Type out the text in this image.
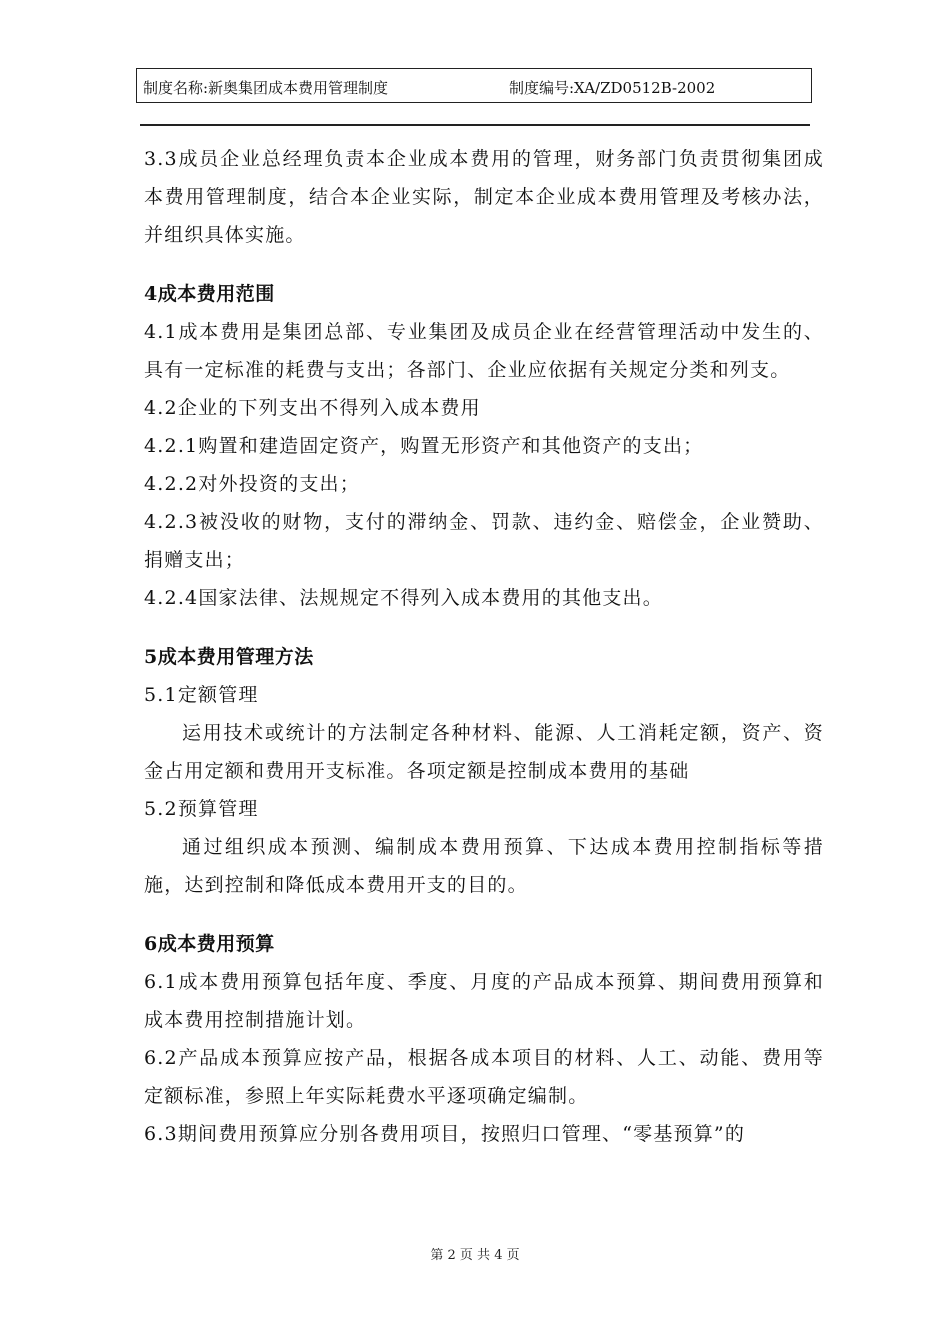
制度名称:新奥集团成本费用管理制度	制度编号:XA/ZD0512B-2002

3.3成员企业总经理负责本企业成本费用的管理，财务部门负责贯彻集团成本费用管理制度，结合本企业实际，制定本企业成本费用管理及考核办法，并组织具体实施。

4成本费用范围

4.1成本费用是集团总部、专业集团及成员企业在经营管理活动中发生的、具有一定标准的耗费与支出；各部门、企业应依据有关规定分类和列支。

4.2企业的下列支出不得列入成本费用

4.2.1购置和建造固定资产，购置无形资产和其他资产的支出；

4.2.2对外投资的支出；

4.2.3被没收的财物，支付的滞纳金、罚款、违约金、赔偿金，企业赞助、捐赠支出；

4.2.4国家法律、法规规定不得列入成本费用的其他支出。

5成本费用管理方法

5.1定额管理

运用技术或统计的方法制定各种材料、能源、人工消耗定额，资产、资金占用定额和费用开支标准。各项定额是控制成本费用的基础

5.2预算管理

通过组织成本预测、编制成本费用预算、下达成本费用控制指标等措施，达到控制和降低成本费用开支的目的。

6成本费用预算

6.1成本费用预算包括年度、季度、月度的产品成本预算、期间费用预算和成本费用控制措施计划。

6.2产品成本预算应按产品，根据各成本项目的材料、人工、动能、费用等定额标准，参照上年实际耗费水平逐项确定编制。

6.3期间费用预算应分别各费用项目，按照归口管理、“零基预算”的

第 2 页 共 4 页
